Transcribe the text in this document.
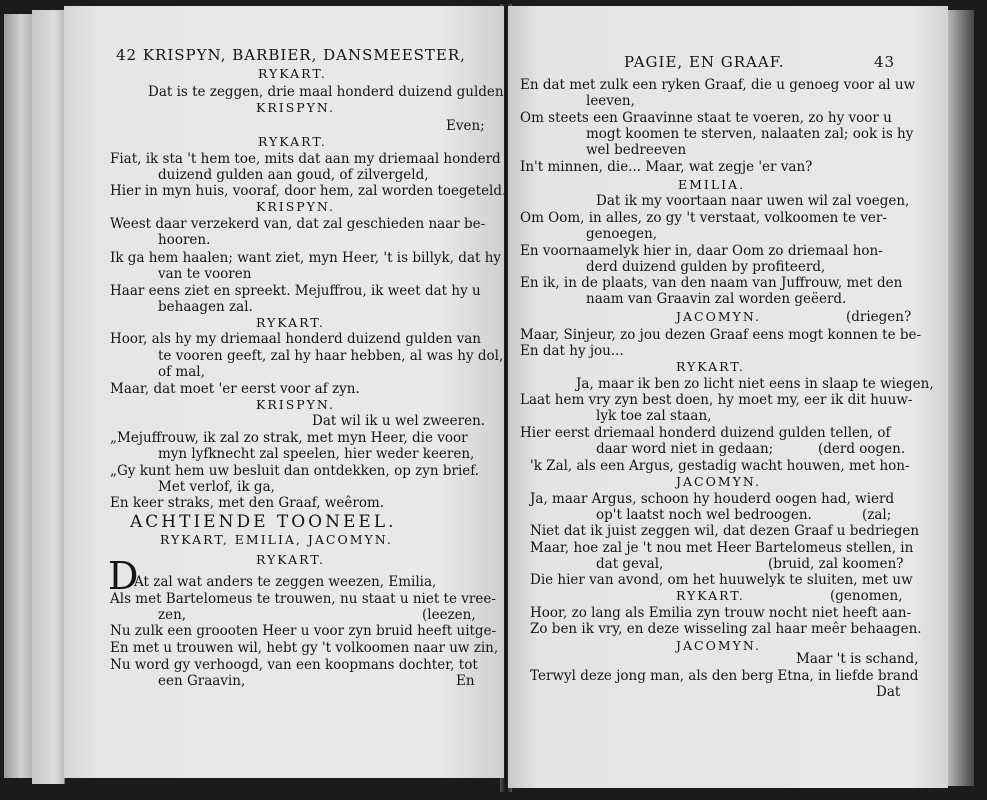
42 KRISPYN, BARBIER, DANSMEESTER,
RYKART.
Dat is te zeggen, drie maal honderd duizend gulden.
KRISPYN.
Even;
RYKART.
Fiat, ik sta 't hem toe, mits dat aan my driemaal honderd
duizend gulden aan goud, of zilvergeld,
Hier in myn huis, vooraf, door hem, zal worden toegeteld.
KRISPYN.
Weest daar verzekerd van, dat zal geschieden naar be-
hooren.
Ik ga hem haalen; want ziet, myn Heer, 't is billyk, dat hy
van te vooren
Haar eens ziet en spreekt. Mejuffrou, ik weet dat hy u
behaagen zal.
RYKART.
Hoor, als hy my driemaal honderd duizend gulden van
te vooren geeft, zal hy haar hebben, al was hy dol,
of mal,
Maar, dat moet 'er eerst voor af zyn.
KRISPYN.
Dat wil ik u wel zweeren.
„Mejuffrouw, ik zal zo strak, met myn Heer, die voor
myn lyfknecht zal speelen, hier weder keeren,
„Gy kunt hem uw besluit dan ontdekken, op zyn brief.
Met verlof, ik ga,
En keer straks, met den Graaf, weêrom.
ACHTIENDE TOONEEL.
RYKART, EMILIA, JACOMYN.
RYKART.
D
At zal wat anders te zeggen weezen, Emilia,
Als met Bartelomeus te trouwen, nu staat u niet te vree-
zen,	(leezen,
Nu zulk een groooten Heer u voor zyn bruid heeft uitge-
En met u trouwen wil, hebt gy 't volkoomen naar uw zin,
Nu word gy verhoogd, van een koopmans dochter, tot
een Graavin,	En
PAGIE, EN GRAAF.	43
En dat met zulk een ryken Graaf, die u genoeg voor al uw
leeven,
Om steets een Graavinne staat te voeren, zo hy voor u
mogt koomen te sterven, nalaaten zal; ook is hy
wel bedreeven
In't minnen, die... Maar, wat zegje 'er van?
EMILIA.
Dat ik my voortaan naar uwen wil zal voegen,
Om Oom, in alles, zo gy 't verstaat, volkoomen te ver-
genoegen,
En voornaamelyk hier in, daar Oom zo driemaal hon-
derd duizend gulden by profiteerd,
En ik, in de plaats, van den naam van Juffrouw, met den
naam van Graavin zal worden geëerd.
JACOMYN.	(driegen?
Maar, Sinjeur, zo jou dezen Graaf eens mogt konnen te be-
En dat hy jou...
RYKART.
Ja, maar ik ben zo licht niet eens in slaap te wiegen,
Laat hem vry zyn best doen, hy moet my, eer ik dit huuw-
lyk toe zal staan,
Hier eerst driemaal honderd duizend gulden tellen, of
daar word niet in gedaan;	(derd oogen.
'k Zal, als een Argus, gestadig wacht houwen, met hon-
JACOMYN.
Ja, maar Argus, schoon hy houderd oogen had, wierd
op't laatst noch wel bedroogen.	(zal;
Niet dat ik juist zeggen wil, dat dezen Graaf u bedriegen
Maar, hoe zal je 't nou met Heer Bartelomeus stellen, in
dat geval,	(bruid, zal koomen?
Die hier van avond, om het huuwelyk te sluiten, met uw
RYKART.	(genomen,
Hoor, zo lang als Emilia zyn trouw nocht niet heeft aan-
Zo ben ik vry, en deze wisseling zal haar meêr behaagen.
JACOMYN.
Maar 't is schand,
Terwyl deze jong man, als den berg Etna, in liefde brand
Dat
